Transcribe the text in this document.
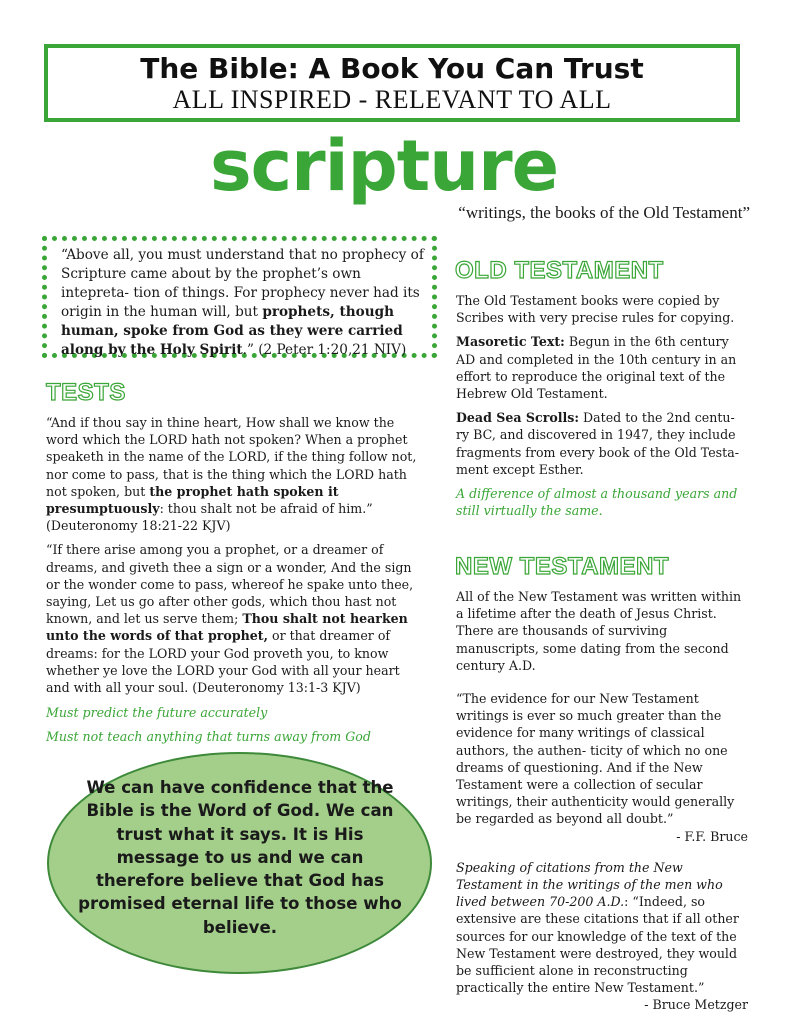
The Bible: A Book You Can Trust
ALL INSPIRED - RELEVANT TO ALL
scripture
“writings, the books of the Old Testament”

“Above all, you must understand that no prophecy of Scripture came about by the prophet’s own intepreta- tion of things. For prophecy never had its origin in the human will, but prophets, though human, spoke from God as they were carried along by the Holy Spirit.” (2 Peter 1:20,21 NIV)

TESTS

“And if thou say in thine heart, How shall we know the word which the LORD hath not spoken? When a prophet speaketh in the name of the LORD, if the thing follow not, nor come to pass, that is the thing which the LORD hath not spoken, but the prophet hath spoken it presumptuously: thou shalt not be afraid of him.” (Deuteronomy 18:21-22 KJV)

“If there arise among you a prophet, or a dreamer of dreams, and giveth thee a sign or a wonder, And the sign or the wonder come to pass, whereof he spake unto thee, saying, Let us go after other gods, which thou hast not known, and let us serve them; Thou shalt not hearken unto the words of that prophet, or that dreamer of dreams: for the LORD your God proveth you, to know whether ye love the LORD your God with all your heart and with all your soul. (Deuteronomy 13:1-3 KJV)

Must predict the future accurately

Must not teach anything that turns away from God

We can have confidence that the Bible is the Word of God. We can trust what it says. It is His message to us and we can therefore believe that God has promised eternal life to those who believe.
OLD TESTAMENT

The Old Testament books were copied by Scribes with very precise rules for copying.

Masoretic Text: Begun in the 6th century AD and completed in the 10th century in an effort to reproduce the original text of the Hebrew Old Testament.

Dead Sea Scrolls: Dated to the 2nd centu- ry BC, and discovered in 1947, they include fragments from every book of the Old Testa- ment except Esther.

A difference of almost a thousand years and still virtually the same.

NEW TESTAMENT

All of the New Testament was written within a lifetime after the death of Jesus Christ. There are thousands of surviving manuscripts, some dating from the second century A.D.

“The evidence for our New Testament writings is ever so much greater than the evidence for many writings of classical authors, the authen- ticity of which no one dreams of questioning. And if the New Testament were a collection of secular writings, their authenticity would generally be regarded as beyond all doubt.”

- F.F. Bruce

Speaking of citations from the New Testament in the writings of the men who lived between 70-200 A.D.: “Indeed, so extensive are these citations that if all other sources for our knowledge of the text of the New Testament were destroyed, they would be sufficient alone in reconstructing practically the entire New Testament.”

- Bruce Metzger
